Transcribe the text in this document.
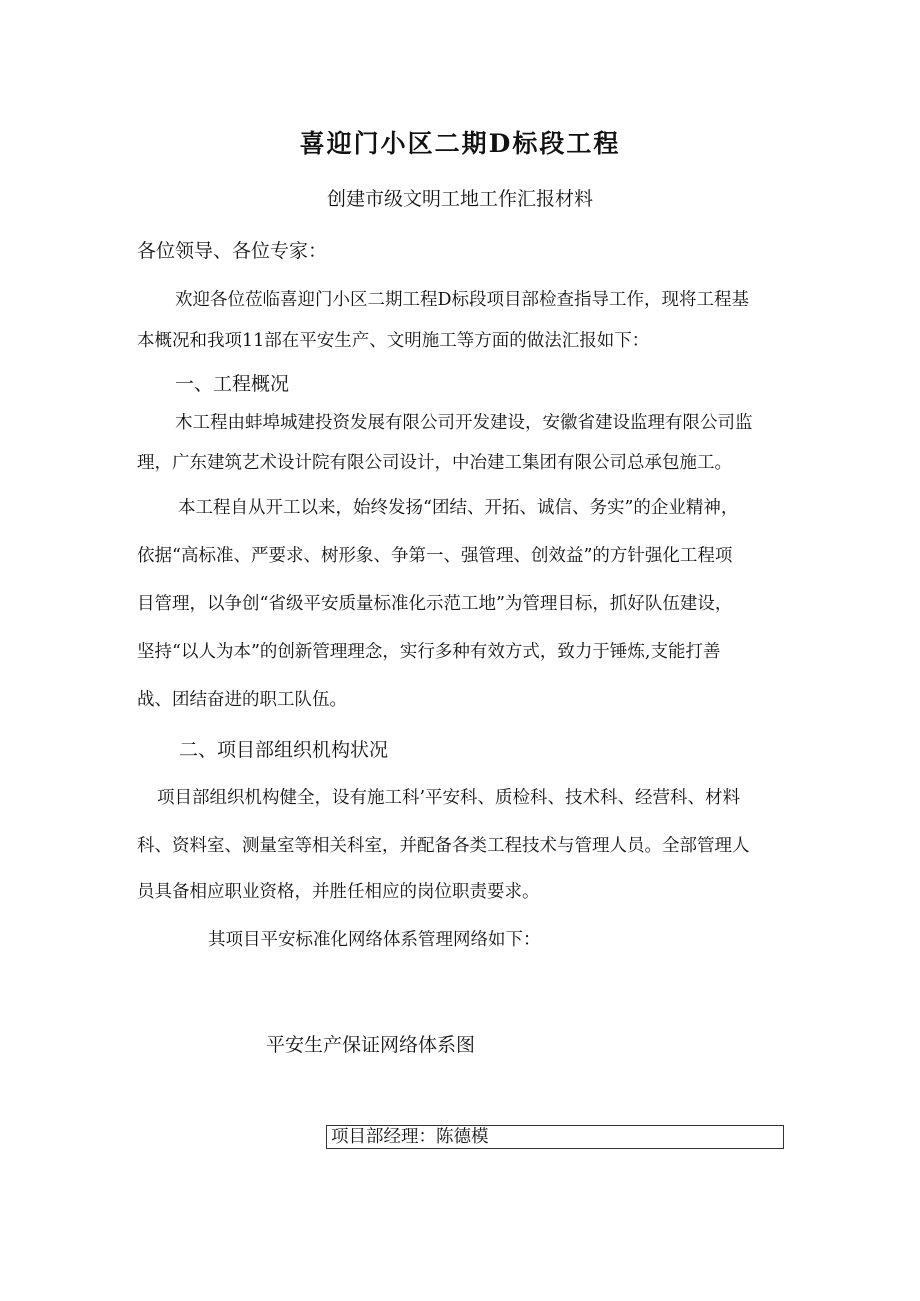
喜迎门小区二期D标段工程
创建市级文明工地工作汇报材料

各位领导、各位专家：

欢迎各位莅临喜迎门小区二期工程D标段项目部检查指导工作，现将工程基

本概况和我项11部在平安生产、文明施工等方面的做法汇报如下：

一、工程概况

木工程由蚌埠城建投资发展有限公司开发建设，安徽省建设监理有限公司监

理，广东建筑艺术设计院有限公司设计，中冶建工集团有限公司总承包施工。

本工程自从开工以来，始终发扬“团结、开拓、诚信、务实”的企业精神，

依据“高标准、严要求、树形象、争第一、强管理、创效益”的方针强化工程项

目管理，以争创“省级平安质量标准化示范工地”为管理目标，抓好队伍建设，

坚持“以人为本”的创新管理理念，实行多种有效方式，致力于锤炼,支能打善

战、团结奋进的职工队伍。

二、项目部组织机构状况

项目部组织机构健全，设有施工科’平安科、质检科、技术科、经营科、材料

科、资料室、测量室等相关科室，并配备各类工程技术与管理人员。全部管理人

员具备相应职业资格，并胜任相应的岗位职责要求。

其项目平安标准化网络体系管理网络如下：

平安生产保证网络体系图
项目部经理：陈德模
